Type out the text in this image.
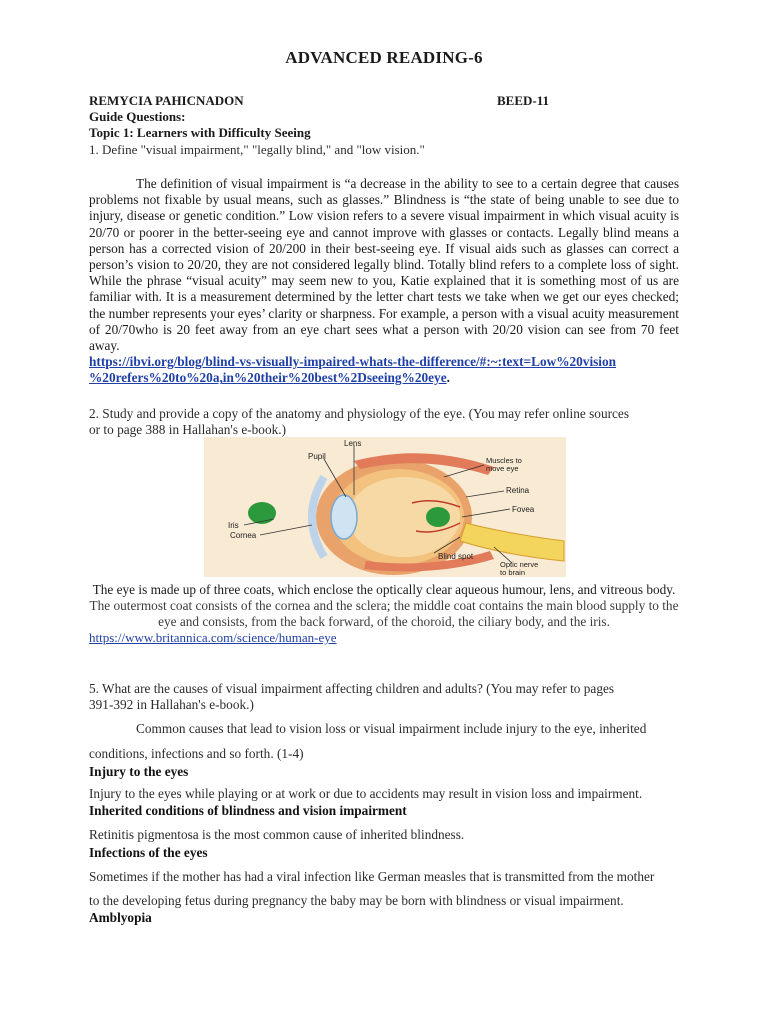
ADVANCED READING-6
REMYCIA PAHICNADON	BEED-11
Guide Questions:
Topic 1: Learners with Difficulty Seeing
1. Define "visual impairment," "legally blind," and "low vision."
The definition of visual impairment is “a decrease in the ability to see to a certain degree that causes problems not fixable by usual means, such as glasses.” Blindness is “the state of being unable to see due to injury, disease or genetic condition.” Low vision refers to a severe visual impairment in which visual acuity is 20/70 or poorer in the better-seeing eye and cannot improve with glasses or contacts. Legally blind means a person has a corrected vision of 20/200 in their best-seeing eye. If visual aids such as glasses can correct a person’s vision to 20/20, they are not considered legally blind. Totally blind refers to a complete loss of sight. While the phrase “visual acuity” may seem new to you, Katie explained that it is something most of us are familiar with. It is a measurement determined by the letter chart tests we take when we get our eyes checked; the number represents your eyes’ clarity or sharpness. For example, a person with a visual acuity measurement of 20/70who is 20 feet away from an eye chart sees what a person with 20/20 vision can see from 70 feet away.
https://ibvi.org/blog/blind-vs-visually-impaired-whats-the-difference/#:~:text=Low%20vision
%20refers%20to%20a,in%20their%20best%2Dseeing%20eye.
2. Study and provide a copy of the anatomy and physiology of the eye. (You may refer online sources
or to page 388 in Hallahan's e-book.)
Pupil
Lens
Muscles to
move eye
Retina
Fovea
Iris
Cornea
Blind spot
Optic nerve
to brain
The eye is made up of three coats, which enclose the optically clear aqueous humour, lens, and vitreous body. The outermost coat consists of the cornea and the sclera; the middle coat contains the main blood supply to the eye and consists, from the back forward, of the choroid, the ciliary body, and the iris.
https://www.britannica.com/science/human-eye
5. What are the causes of visual impairment affecting children and adults? (You may refer to pages
391-392 in Hallahan's e-book.)
Common causes that lead to vision loss or visual impairment include injury to the eye, inherited
conditions, infections and so forth. (1-4)
Injury to the eyes
Injury to the eyes while playing or at work or due to accidents may result in vision loss and impairment.
Inherited conditions of blindness and vision impairment
Retinitis pigmentosa is the most common cause of inherited blindness.
Infections of the eyes
Sometimes if the mother has had a viral infection like German measles that is transmitted from the mother
to the developing fetus during pregnancy the baby may be born with blindness or visual impairment.
Amblyopia
